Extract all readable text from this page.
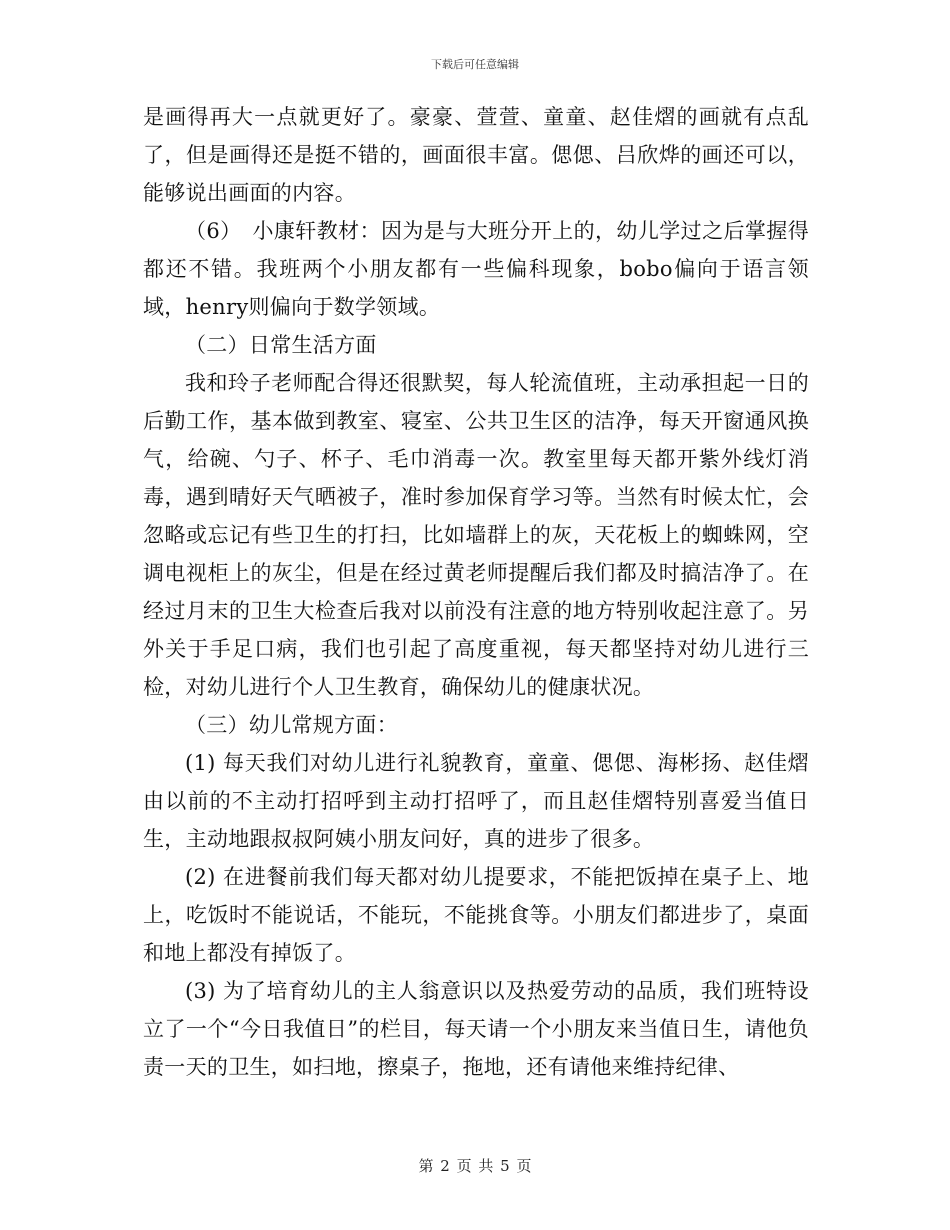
下载后可任意编辑

是画得再大一点就更好了。豪豪、萱萱、童童、赵佳熠的画就有点乱了，但是画得还是挺不错的，画面很丰富。偲偲、吕欣烨的画还可以，能够说出画面的内容。

（6）　小康轩教材：因为是与大班分开上的，幼儿学过之后掌握得都还不错。我班两个小朋友都有一些偏科现象，bobo偏向于语言领域，henry则偏向于数学领域。

（二）日常生活方面

我和玲子老师配合得还很默契，每人轮流值班，主动承担起一日的后勤工作，基本做到教室、寝室、公共卫生区的洁净，每天开窗通风换气，给碗、勺子、杯子、毛巾消毒一次。教室里每天都开紫外线灯消毒，遇到晴好天气晒被子，准时参加保育学习等。当然有时候太忙，会忽略或忘记有些卫生的打扫，比如墙群上的灰，天花板上的蜘蛛网，空调电视柜上的灰尘，但是在经过黄老师提醒后我们都及时搞洁净了。在经过月末的卫生大检查后我对以前没有注意的地方特别收起注意了。另外关于手足口病，我们也引起了高度重视，每天都坚持对幼儿进行三检，对幼儿进行个人卫生教育，确保幼儿的健康状况。

（三）幼儿常规方面：

(1) 每天我们对幼儿进行礼貌教育，童童、偲偲、海彬扬、赵佳熠由以前的不主动打招呼到主动打招呼了，而且赵佳熠特别喜爱当值日生，主动地跟叔叔阿姨小朋友问好，真的进步了很多。

(2) 在进餐前我们每天都对幼儿提要求，不能把饭掉在桌子上、地上，吃饭时不能说话，不能玩，不能挑食等。小朋友们都进步了，桌面和地上都没有掉饭了。

(3) 为了培育幼儿的主人翁意识以及热爱劳动的品质，我们班特设立了一个“今日我值日”的栏目，每天请一个小朋友来当值日生，请他负责一天的卫生，如扫地，擦桌子，拖地，还有请他来维持纪律、

第 2 页 共 5 页
